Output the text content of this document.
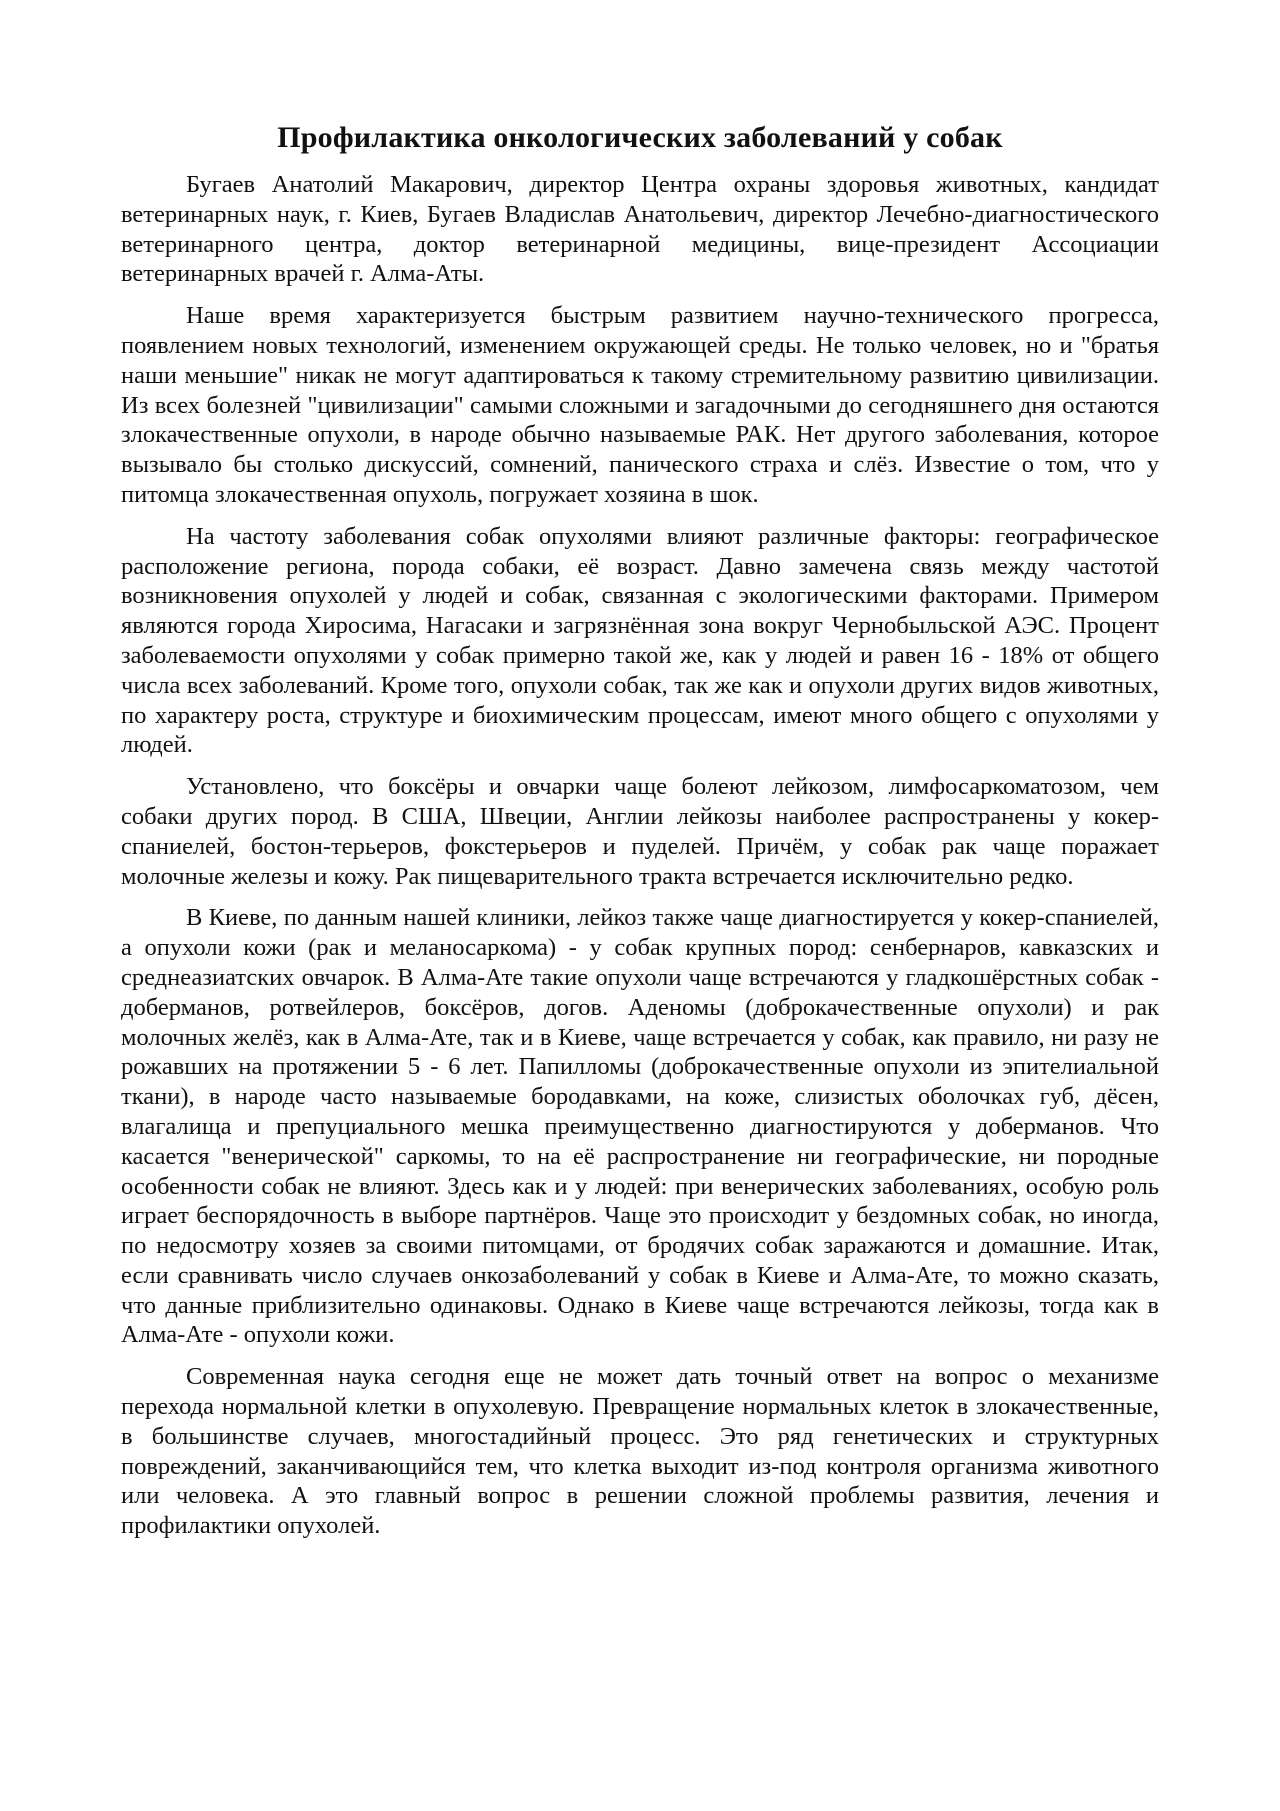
Профилактика онкологических заболеваний у собак

Бугаев Анатолий Макарович, директор Центра охраны здоровья животных, кандидат ветеринарных наук, г. Киев, Бугаев Владислав Анатольевич, директор Лечебно-диагностического ветеринарного центра, доктор ветеринарной медицины, вице-президент Ассоциации ветеринарных врачей г. Алма-Аты.

Наше время характеризуется быстрым развитием научно-технического прогресса, появлением новых технологий, изменением окружающей среды. Не только человек, но и "братья наши меньшие" никак не могут адаптироваться к такому стремительному развитию цивилизации. Из всех болезней "цивилизации" самыми сложными и загадочными до сегодняшнего дня остаются злокачественные опухоли, в народе обычно называемые РАК. Нет другого заболевания, которое вызывало бы столько дискуссий, сомнений, панического страха и слёз. Известие о том, что у питомца злокачественная опухоль, погружает хозяина в шок.

На частоту заболевания собак опухолями влияют различные факторы: географическое расположение региона, порода собаки, её возраст. Давно замечена связь между частотой возникновения опухолей у людей и собак, связанная с экологическими факторами. Примером являются города Хиросима, Нагасаки и загрязнённая зона вокруг Чернобыльской АЭС. Процент заболеваемости опухолями у собак примерно такой же, как у людей и равен 16 - 18% от общего числа всех заболеваний. Кроме того, опухоли собак, так же как и опухоли других видов животных, по характеру роста, структуре и биохимическим процессам, имеют много общего с опухолями у людей.

Установлено, что боксёры и овчарки чаще болеют лейкозом, лимфосаркоматозом, чем собаки других пород. В США, Швеции, Англии лейкозы наиболее распространены у кокер-спаниелей, бостон-терьеров, фокстерьеров и пуделей. Причём, у собак рак чаще поражает молочные железы и кожу. Рак пищеварительного тракта встречается исключительно редко.

В Киеве, по данным нашей клиники, лейкоз также чаще диагностируется у кокер-спаниелей, а опухоли кожи (рак и меланосаркома) - у собак крупных пород: сенбернаров, кавказских и среднеазиатских овчарок. В Алма-Ате такие опухоли чаще встречаются у гладкошёрстных собак - доберманов, ротвейлеров, боксёров, догов. Аденомы (доброкачественные опухоли) и рак молочных желёз, как в Алма-Ате, так и в Киеве, чаще встречается у собак, как правило, ни разу не рожавших на протяжении 5 - 6 лет. Папилломы (доброкачественные опухоли из эпителиальной ткани), в народе часто называемые бородавками, на коже, слизистых оболочках губ, дёсен, влагалища и препуциального мешка преимущественно диагностируются у доберманов. Что касается "венерической" саркомы, то на её распространение ни географические, ни породные особенности собак не влияют. Здесь как и у людей: при венерических заболеваниях, особую роль играет беспорядочность в выборе партнёров. Чаще это происходит у бездомных собак, но иногда, по недосмотру хозяев за своими питомцами, от бродячих собак заражаются и домашние. Итак, если сравнивать число случаев онкозаболеваний у собак в Киеве и Алма-Ате, то можно сказать, что данные приблизительно одинаковы. Однако в Киеве чаще встречаются лейкозы, тогда как в Алма-Ате - опухоли кожи.

Современная наука сегодня еще не может дать точный ответ на вопрос о механизме перехода нормальной клетки в опухолевую. Превращение нормальных клеток в злокачественные, в большинстве случаев, многостадийный процесс. Это ряд генетических и структурных повреждений, заканчивающийся тем, что клетка выходит из-под контроля организма животного или человека. А это главный вопрос в решении сложной проблемы развития, лечения и профилактики опухолей.
